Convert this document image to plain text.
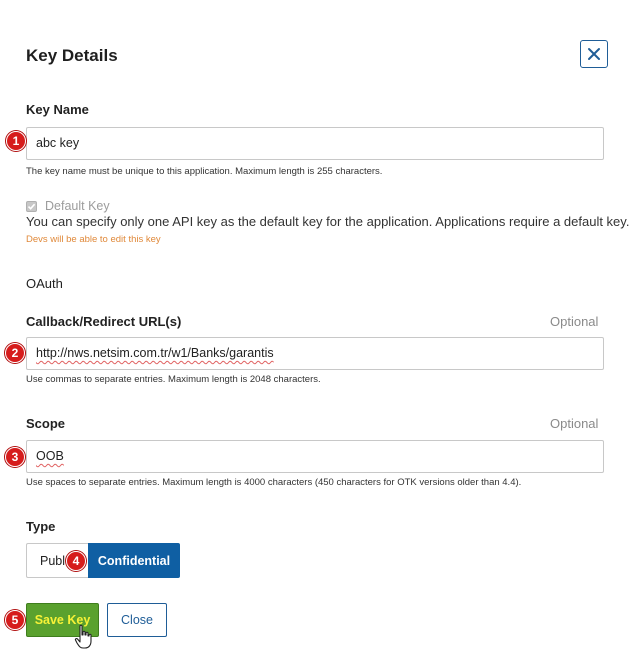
Key Details
Key Name
abc key
The key name must be unique to this application. Maximum length is 255 characters.
Default Key
You can specify only one API key as the default key for the application. Applications require a default key.
Devs will be able to edit this key
OAuth
Callback/Redirect URL(s)	Optional
http://nws.netsim.com.tr/w1/Banks/garantis
Use commas to separate entries. Maximum length is 2048 characters.
Scope	Optional
OOB
Use spaces to separate entries. Maximum length is 4000 characters (450 characters for OTK versions older than 4.4).
Type
Publ	Confidential
Save Key	Close
1
2
3
4
5
